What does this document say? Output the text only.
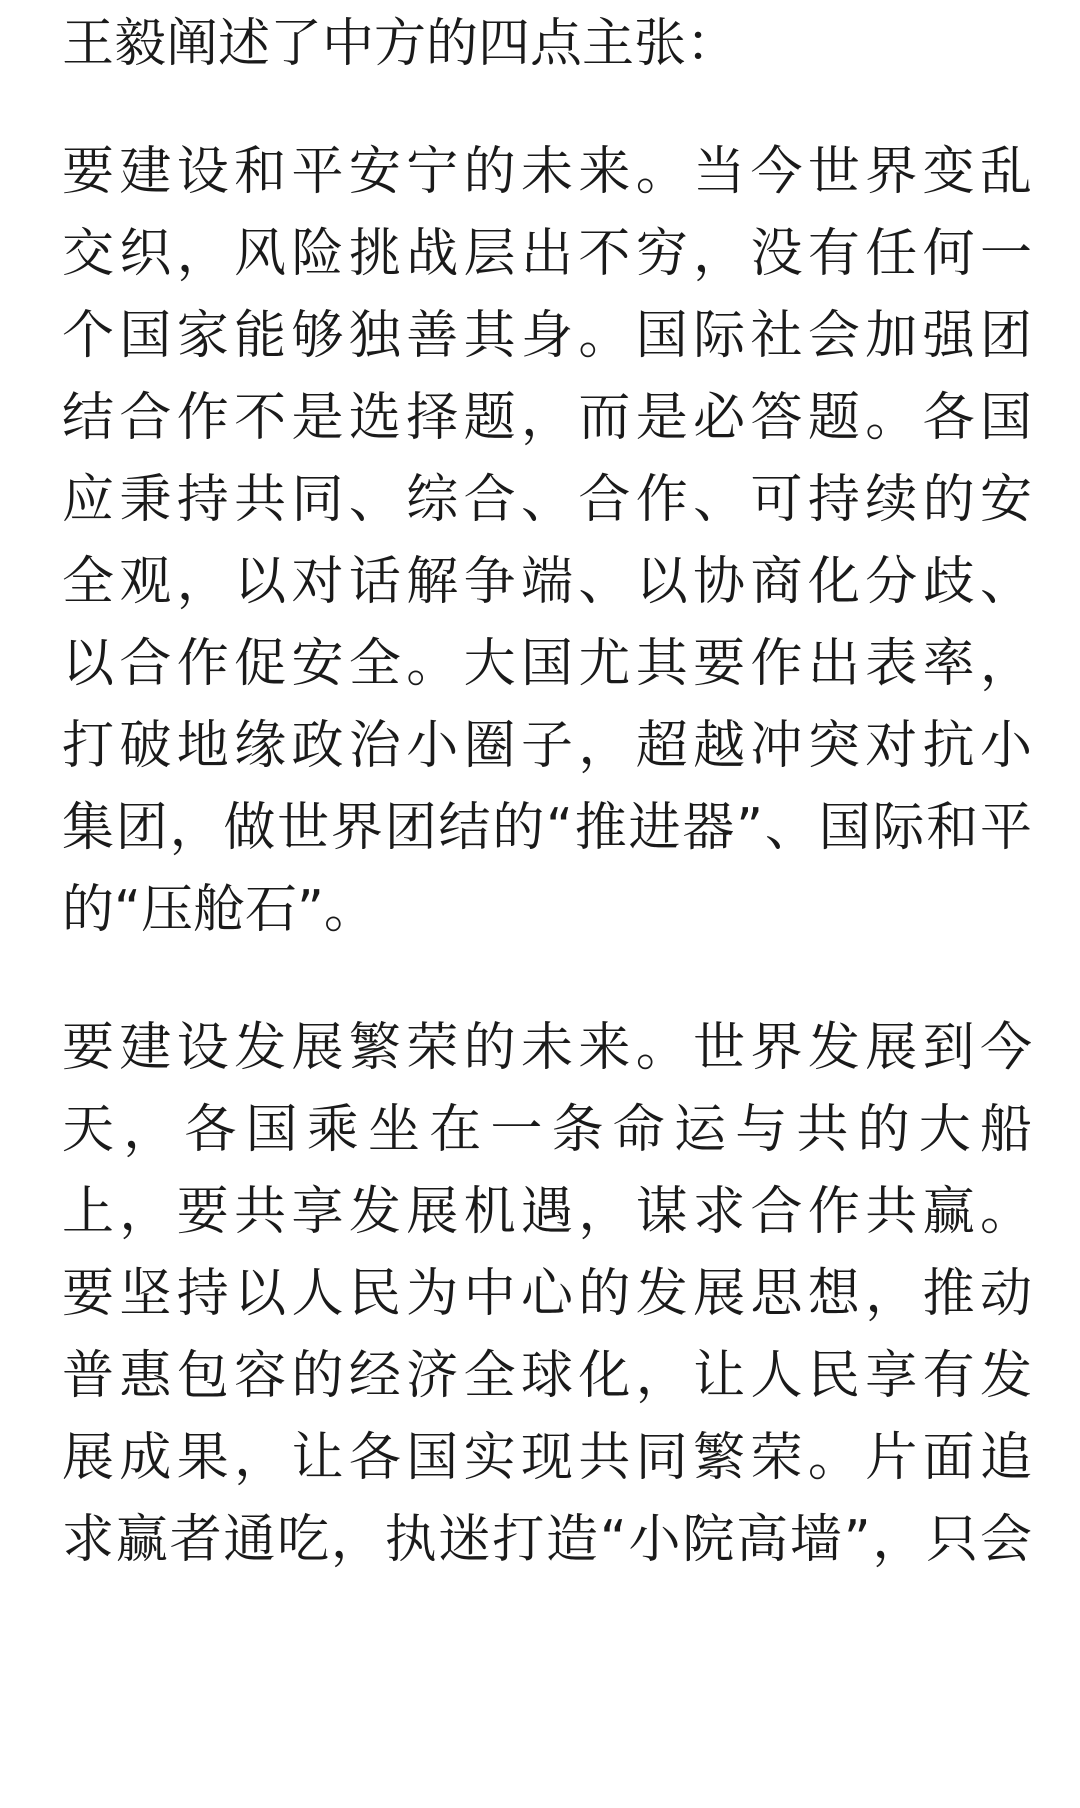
王毅阐述了中方的四点主张：
要建设和平安宁的未来。当今世界变乱
交织，风险挑战层出不穷，没有任何一
个国家能够独善其身。国际社会加强团
结合作不是选择题，而是必答题。各国
应秉持共同、综合、合作、可持续的安
全观，以对话解争端、以协商化分歧、
以合作促安全。大国尤其要作出表率，
打破地缘政治小圈子，超越冲突对抗小
集团，做世界团结的“推进器”、国际和平
的“压舱石”。
要建设发展繁荣的未来。世界发展到今
天，各国乘坐在一条命运与共的大船
上，要共享发展机遇，谋求合作共赢。
要坚持以人民为中心的发展思想，推动
普惠包容的经济全球化，让人民享有发
展成果，让各国实现共同繁荣。片面追
求赢者通吃，执迷打造“小院高墙”，只会
